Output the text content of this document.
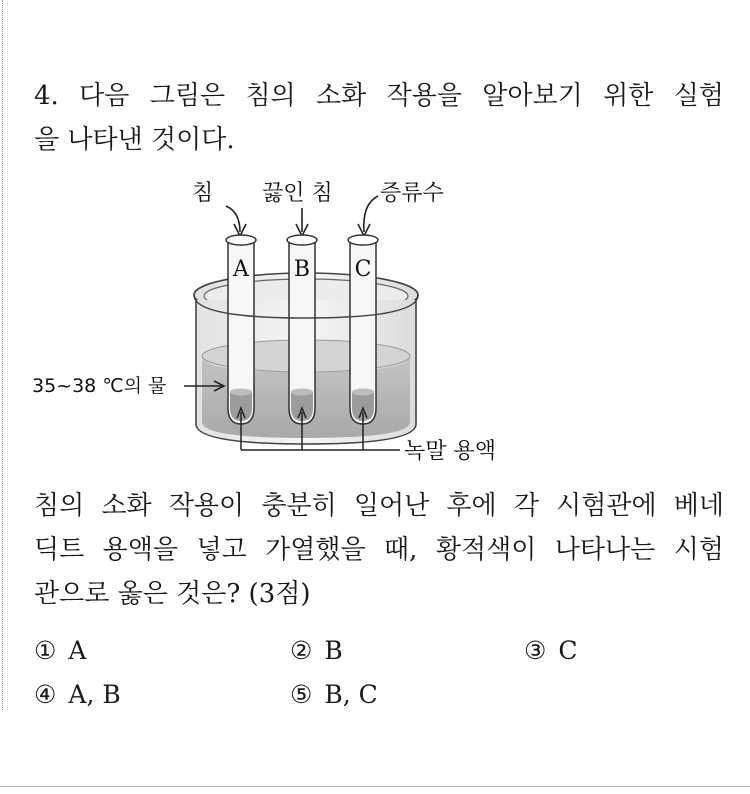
4. 다음 그림은 침의 소화 작용을 알아보기 위한 실험
을 나타낸 것이다.
침 끓인 침 증류수
A B C
35~38 ℃의 물
녹말 용액
침의 소화 작용이 충분히 일어난 후에 각 시험관에 베네
딕트 용액을 넣고 가열했을 때, 황적색이 나타나는 시험
관으로 옳은 것은? (3점)
① A	② B	③ C
④ A, B	⑤ B, C
